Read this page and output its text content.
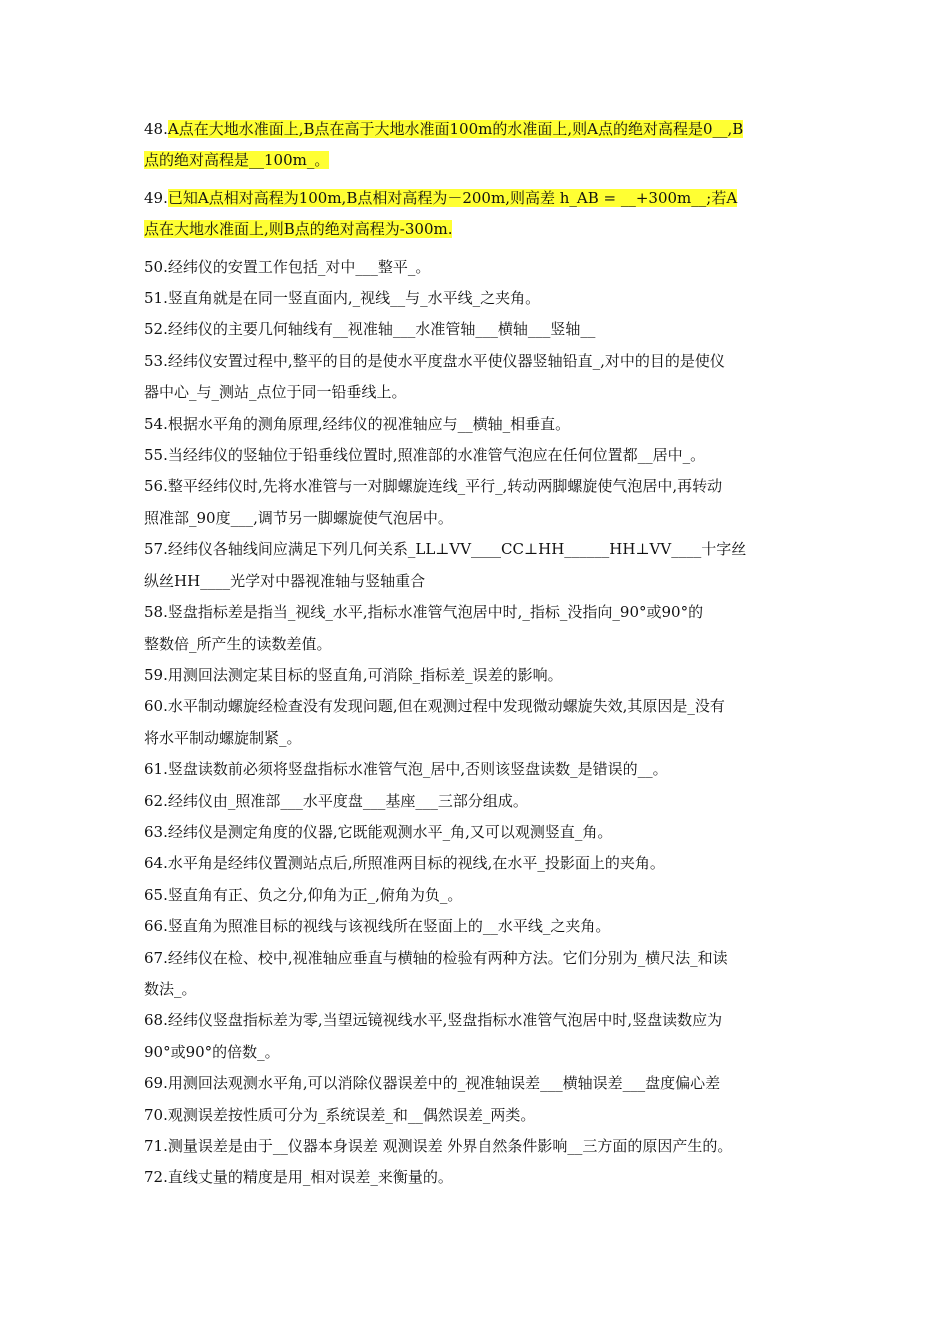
48.A点在大地水准面上,B点在高于大地水准面100m的水准面上,则A点的绝对高程是0__,B
点的绝对高程是__100m_。

49.已知A点相对高程为100m,B点相对高程为－200m,则高差 h_AB = __+300m__;若A
点在大地水准面上,则B点的绝对高程为-300m.

50.经纬仪的安置工作包括_对中___整平_。

51.竖直角就是在同一竖直面内,_视线__与_水平线_之夹角。

52.经纬仪的主要几何轴线有__视准轴___水准管轴___横轴___竖轴__

53.经纬仪安置过程中,整平的目的是使水平度盘水平使仪器竖轴铅直_,对中的目的是使仪
器中心_与_测站_点位于同一铅垂线上。

54.根据水平角的测角原理,经纬仪的视准轴应与__横轴_相垂直。

55.当经纬仪的竖轴位于铅垂线位置时,照准部的水准管气泡应在任何位置都__居中_。

56.整平经纬仪时,先将水准管与一对脚螺旋连线_平行_,转动两脚螺旋使气泡居中,再转动
照准部_90度___,调节另一脚螺旋使气泡居中。

57.经纬仪各轴线间应满足下列几何关系_LL⊥VV____CC⊥HH______HH⊥VV____十字丝
纵丝HH____光学对中器视准轴与竖轴重合

58.竖盘指标差是指当_视线_水平,指标水准管气泡居中时,_指标_没指向_90°或90°的
整数倍_所产生的读数差值。

59.用测回法测定某目标的竖直角,可消除_指标差_误差的影响。

60.水平制动螺旋经检查没有发现问题,但在观测过程中发现微动螺旋失效,其原因是_没有
将水平制动螺旋制紧_。

61.竖盘读数前必须将竖盘指标水准管气泡_居中,否则该竖盘读数_是错误的__。

62.经纬仪由_照准部___水平度盘___基座___三部分组成。

63.经纬仪是测定角度的仪器,它既能观测水平_角,又可以观测竖直_角。

64.水平角是经纬仪置测站点后,所照准两目标的视线,在水平_投影面上的夹角。

65.竖直角有正、负之分,仰角为正_,俯角为负_。

66.竖直角为照准目标的视线与该视线所在竖面上的__水平线_之夹角。

67.经纬仪在检、校中,视准轴应垂直与横轴的检验有两种方法。它们分别为_横尺法_和读
数法_。

68.经纬仪竖盘指标差为零,当望远镜视线水平,竖盘指标水准管气泡居中时,竖盘读数应为
90°或90°的倍数_。

69.用测回法观测水平角,可以消除仪器误差中的_视准轴误差___横轴误差___盘度偏心差

70.观测误差按性质可分为_系统误差_和__偶然误差_两类。

71.测量误差是由于__仪器本身误差 观测误差 外界自然条件影响__三方面的原因产生的。

72.直线丈量的精度是用_相对误差_来衡量的。
